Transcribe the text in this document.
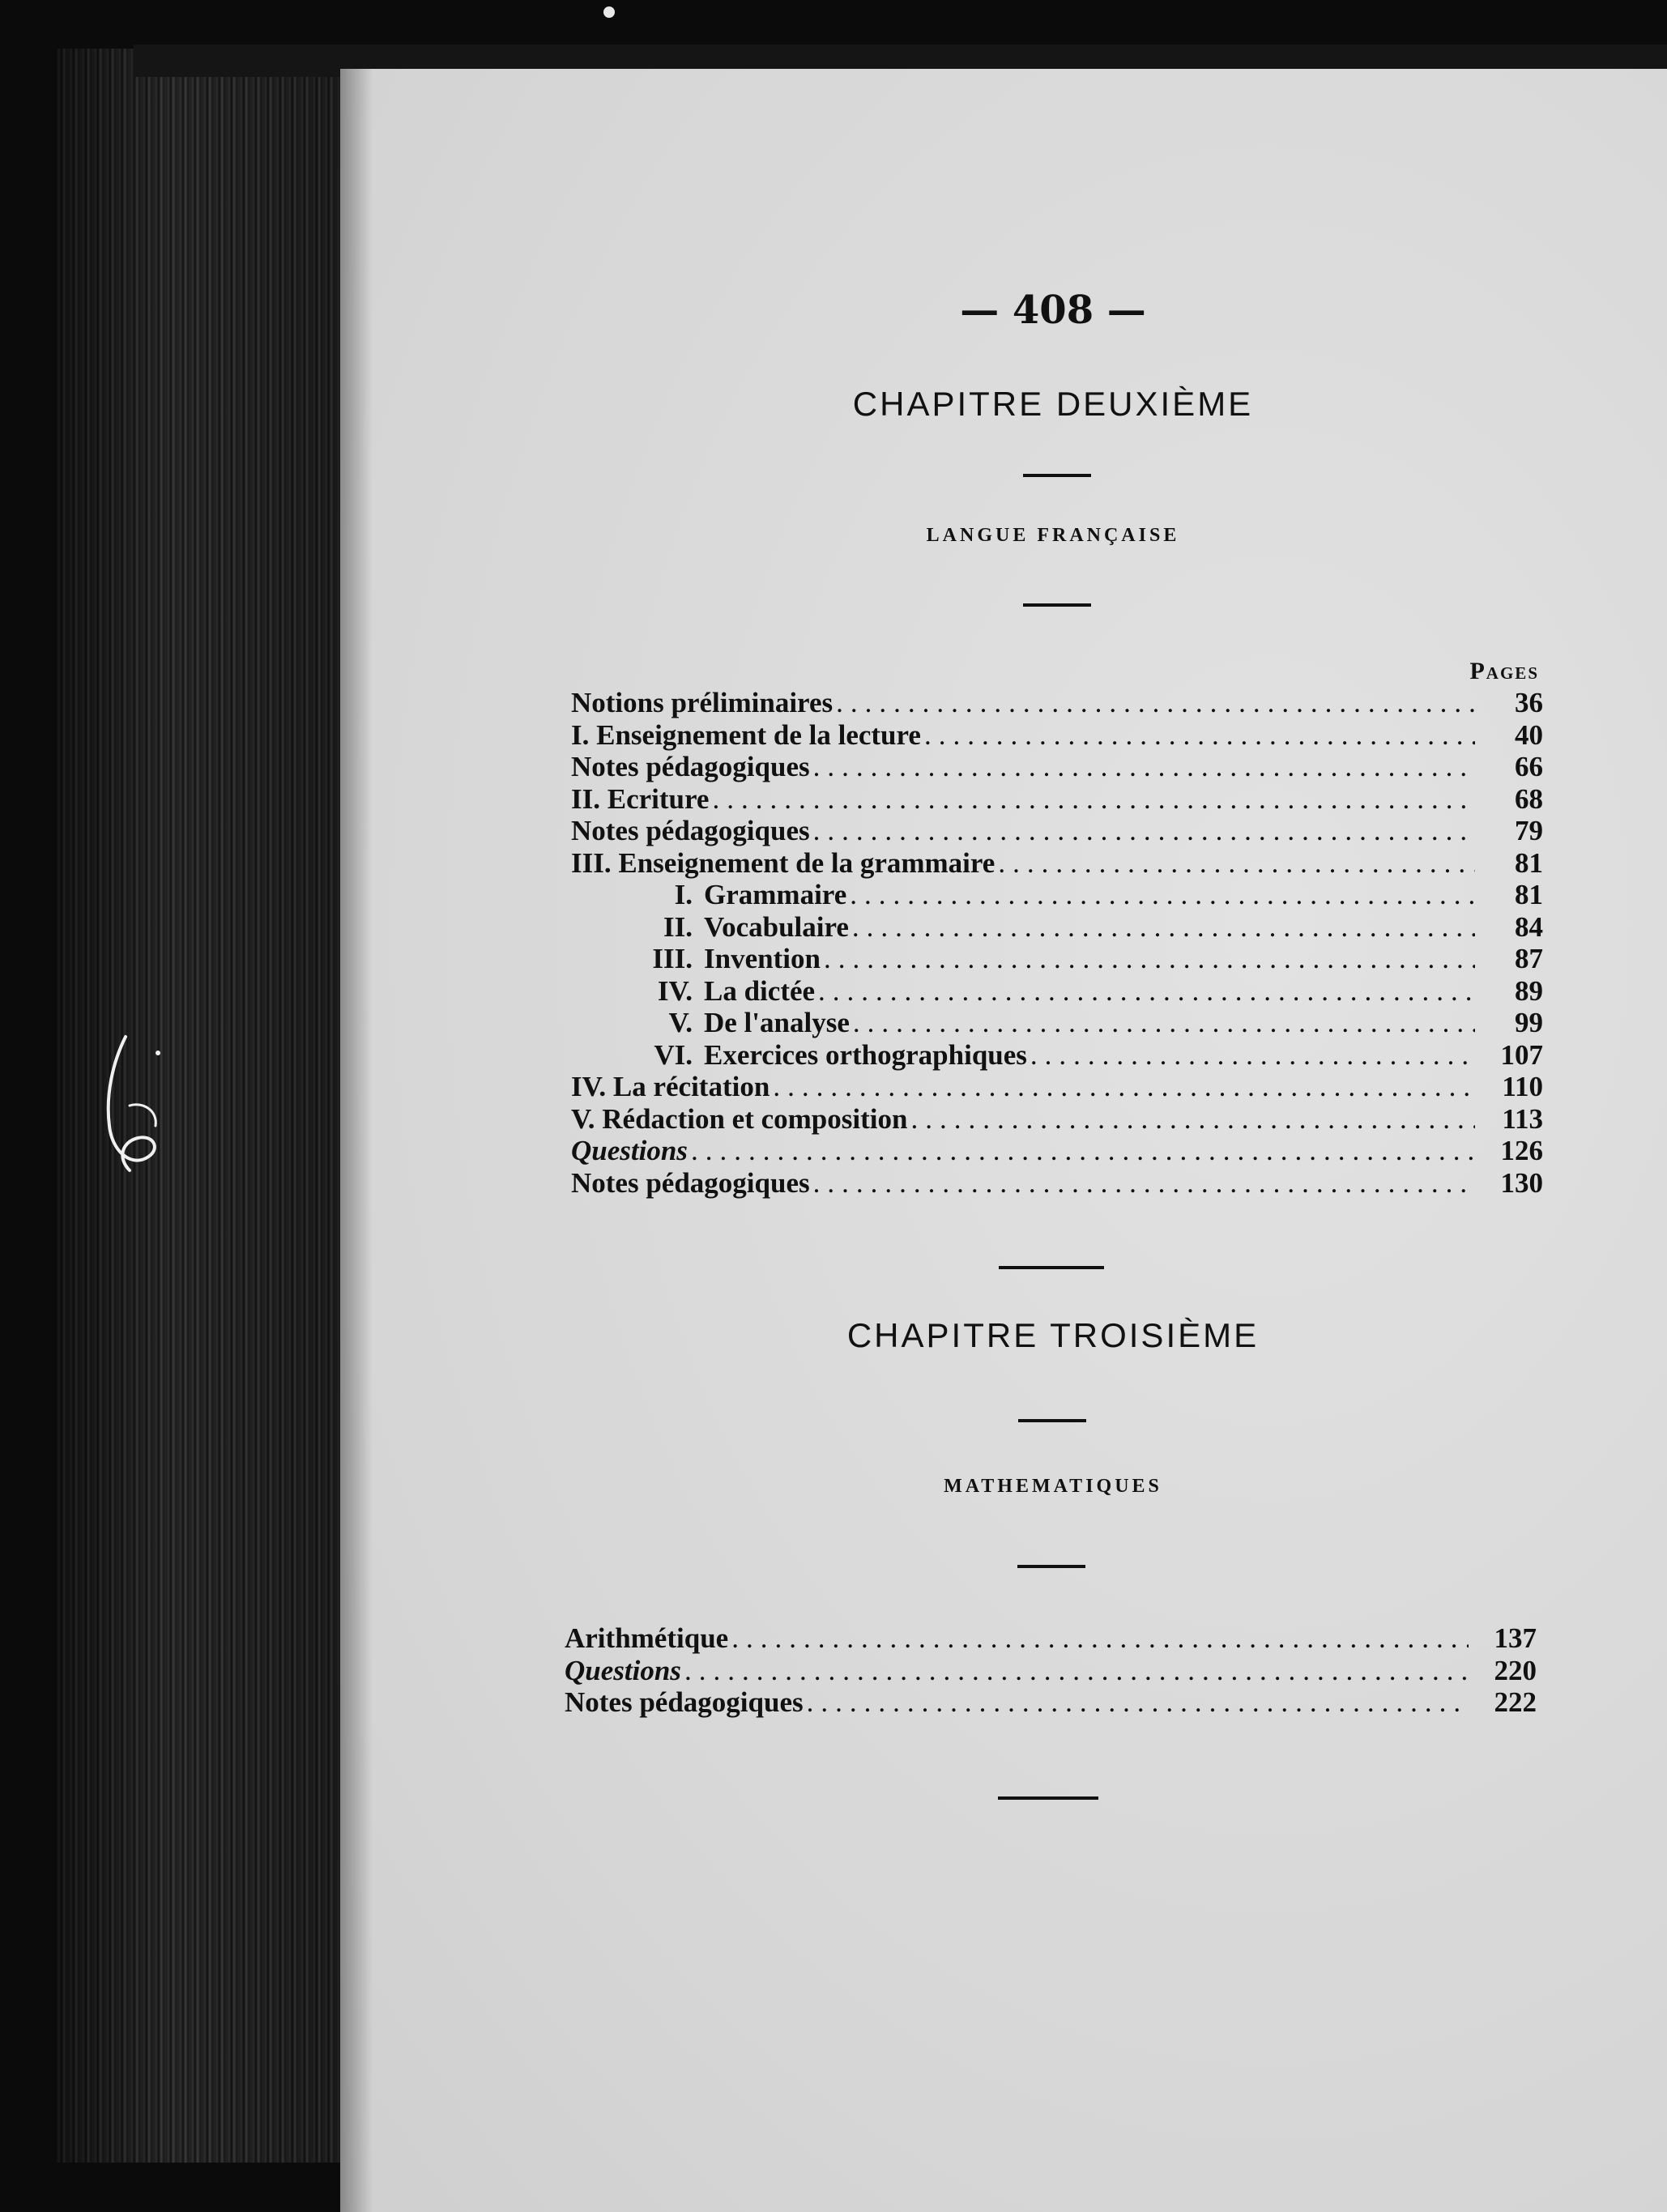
— 408 —
CHAPITRE DEUXIÈME
LANGUE FRANÇAISE
Pages
Notions préliminaires .....	36
I. Enseignement de la lecture .....	40
Notes pédagogiques .....	66
II. Ecriture .....	68
Notes pédagogiques .....	79
III. Enseignement de la grammaire .....	81
I. Grammaire .....	81
II. Vocabulaire .....	84
III. Invention .....	87
IV. La dictée .....	89
V. De l'analyse .....	99
VI. Exercices orthographiques .....	107
IV. La récitation .....	110
V. Rédaction et composition .....	113
Questions .....	126
Notes pédagogiques .....	130
CHAPITRE TROISIÈME
MATHEMATIQUES
Arithmétique .....	137
Questions .....	220
Notes pédagogiques .....	222
